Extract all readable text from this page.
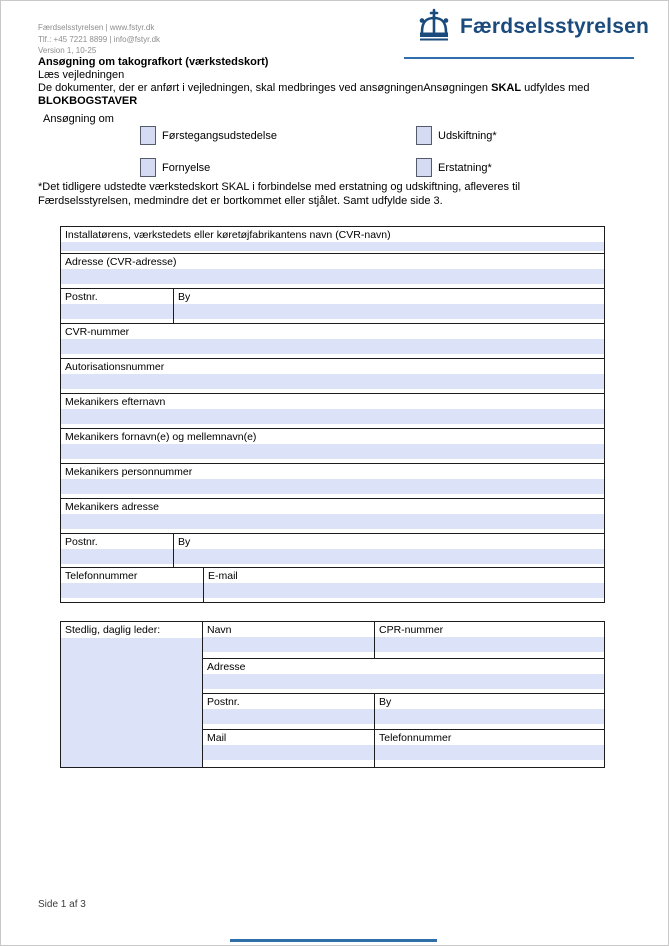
Færdselsstyrelsen | www.fstyr.dk
Tlf.: +45 7221 8899 | info@fstyr.dk
Version 1, 10-25
Færdselsstyrelsen
Ansøgning om takografkort (værkstedskort)
Læs vejledningen
De dokumenter, der er anført i vejledningen, skal medbringes ved ansøgningenAnsøgningen SKAL udfyldes med
BLOKBOGSTAVER
Ansøgning om
Førstegangsudstedelse	Udskiftning*
Fornyelse	Erstatning*
*Det tidligere udstedte værkstedskort SKAL i forbindelse med erstatning og udskiftning, afleveres til
Færdselsstyrelsen, medmindre det er bortkommet eller stjålet. Samt udfylde side 3.
Installatørens, værkstedets eller køretøjfabrikantens navn (CVR-navn)
Adresse (CVR-adresse)
Postnr.	By
CVR-nummer
Autorisationsnummer
Mekanikers efternavn
Mekanikers fornavn(e) og mellemnavn(e)
Mekanikers personnummer
Mekanikers adresse
Postnr.	By
Telefonnummer	E-mail
Stedlig, daglig leder:	Navn	CPR-nummer
Adresse
Postnr.	By
Mail	Telefonnummer
Side 1 af 3
